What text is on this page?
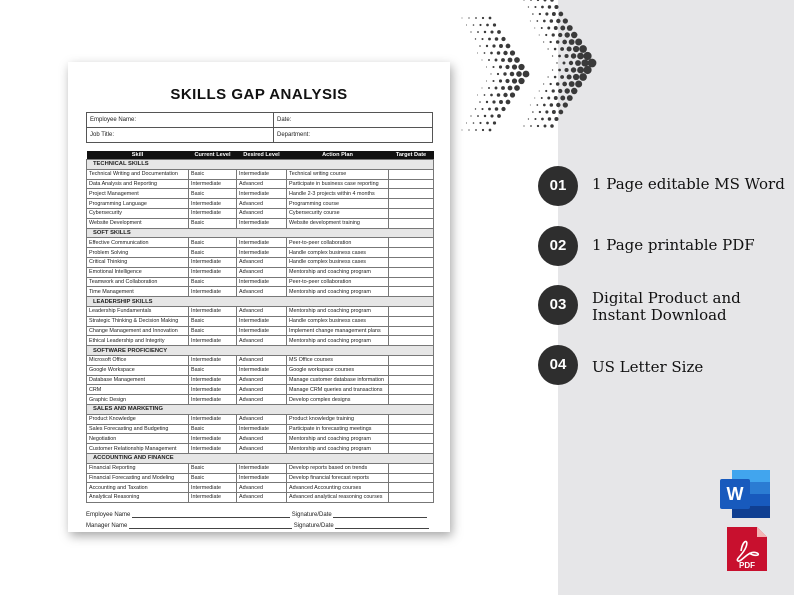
SKILLS GAP ANALYSIS
Employee Name:	Date:
Job Title:	Department:
Skill	Current Level	Desired Level	Action Plan	Target Date
TECHNICAL SKILLS				
Technical Writing and Documentation	Basic	Intermediate	Technical writing course	
Data Analysis and Reporting	Intermediate	Advanced	Participate in business case reporting	
Project Management	Basic	Intermediate	Handle 2-3 projects within 4 months	
Programming Language	Intermediate	Advanced	Programming course	
Cybersecurity	Intermediate	Advanced	Cybersecurity course	
Website Development	Basic	Intermediate	Website development training	
SOFT SKILLS				
Effective Communication	Basic	Intermediate	Peer-to-peer collaboration	
Problem Solving	Basic	Intermediate	Handle complex business cases	
Critical Thinking	Intermediate	Advanced	Handle complex business cases	
Emotional Intelligence	Intermediate	Advanced	Mentorship and coaching program	
Teamwork and Collaboration	Basic	Intermediate	Peer-to-peer collaboration	
Time Management	Intermediate	Advanced	Mentorship and coaching program	
LEADERSHIP SKILLS				
Leadership Fundamentals	Intermediate	Advanced	Mentorship and coaching program	
Strategic Thinking & Decision Making	Basic	Intermediate	Handle complex business cases	
Change Management and Innovation	Basic	Intermediate	Implement change management plans	
Ethical Leadership and Integrity	Intermediate	Advanced	Mentorship and coaching program	
SOFTWARE PROFICIENCY				
Microsoft Office	Intermediate	Advanced	MS Office courses	
Google Workspace	Basic	Intermediate	Google workspace courses	
Database Management	Intermediate	Advanced	Manage customer database information	
CRM	Intermediate	Advanced	Manage CRM queries and transactions	
Graphic Design	Intermediate	Advanced	Develop complex designs	
SALES AND MARKETING				
Product Knowledge	Intermediate	Advanced	Product knowledge training	
Sales Forecasting and Budgeting	Basic	Intermediate	Participate in forecasting meetings	
Negotiation	Intermediate	Advanced	Mentorship and coaching program	
Customer Relationship Management	Intermediate	Advanced	Mentorship and coaching program	
ACCOUNTING AND FINANCE				
Financial Reporting	Basic	Intermediate	Develop reports based on trends	
Financial Forecasting and Modeling	Basic	Intermediate	Develop financial forecast reports	
Accounting and Taxation	Intermediate	Advanced	Advanced Accounting courses	
Analytical Reasoning	Intermediate	Advanced	Advanced analytical reasoning courses	
Employee Name	Signature/Date
Manager Name	Signature/Date
01	1 Page editable MS Word
02	1 Page printable PDF
03	Digital Product and
Instant Download
04	US Letter Size
W
PDF
